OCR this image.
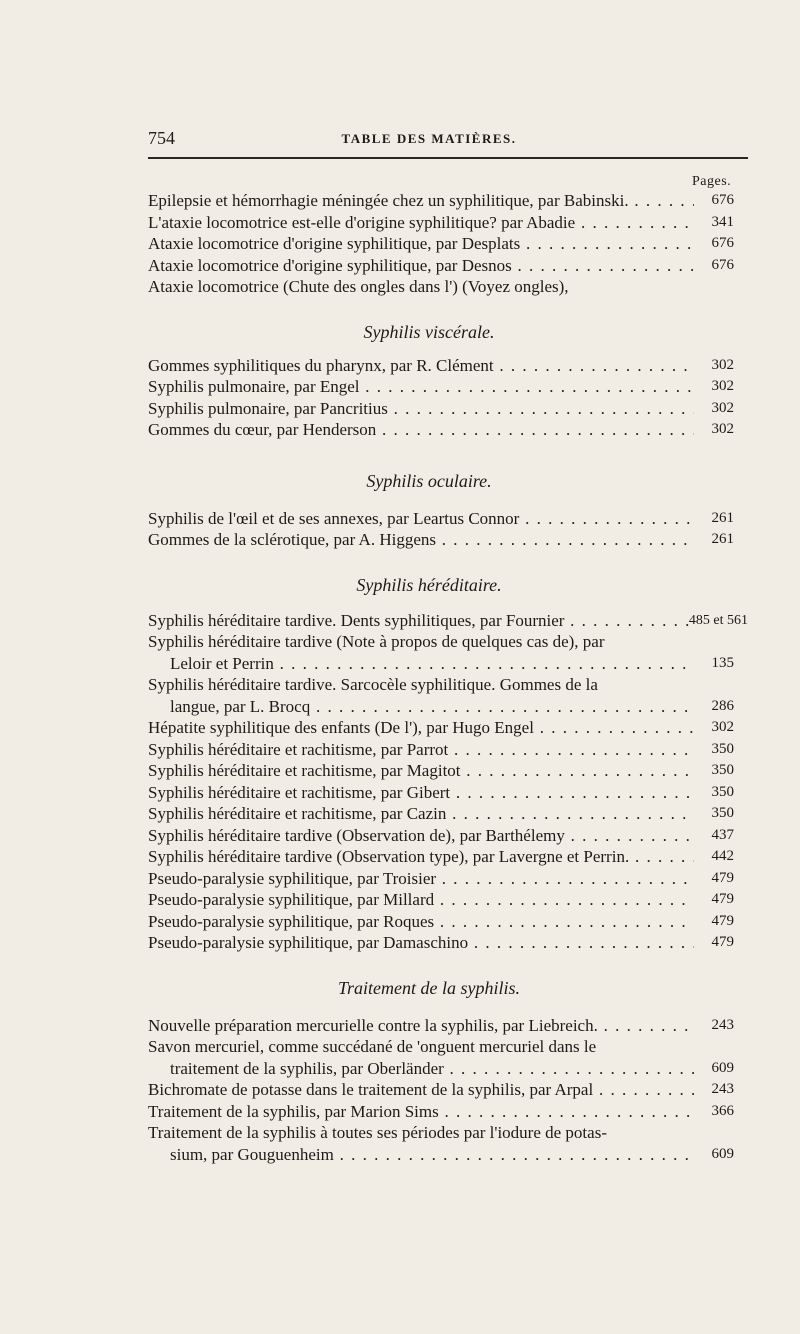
754	TABLE DES MATIÈRES.
Pages.
Epilepsie et hémorrhagie méningée chez un syphilitique, par Babinski. . . .	676
L'ataxie locomotrice est-elle d'origine syphilitique? par Abadie . . .	341
Ataxie locomotrice d'origine syphilitique, par Desplats . . .	676
Ataxie locomotrice d'origine syphilitique, par Desnos . . .	676
Ataxie locomotrice (Chute des ongles dans l') (Voyez ongles),
Syphilis viscérale.
Gommes syphilitiques du pharynx, par R. Clément . . .	302
Syphilis pulmonaire, par Engel . . .	302
Syphilis pulmonaire, par Pancritius . . .	302
Gommes du cœur, par Henderson . . .	302
Syphilis oculaire.
Syphilis de l'œil et de ses annexes, par Leartus Connor . . .	261
Gommes de la sclérotique, par A. Higgens . . .	261
Syphilis héréditaire.
Syphilis héréditaire tardive. Dents syphilitiques, par Fournier . . .	485 et 561
Syphilis héréditaire tardive (Note à propos de quelques cas de), par
Leloir et Perrin . . .	135
Syphilis héréditaire tardive. Sarcocèle syphilitique. Gommes de la
langue, par L. Brocq . . .	286
Hépatite syphilitique des enfants (De l'), par Hugo Engel . . .	302
Syphilis héréditaire et rachitisme, par Parrot . . .	350
Syphilis héréditaire et rachitisme, par Magitot . . .	350
Syphilis héréditaire et rachitisme, par Gibert . . .	350
Syphilis héréditaire et rachitisme, par Cazin . . .	350
Syphilis héréditaire tardive (Observation de), par Barthélemy . . .	437
Syphilis héréditaire tardive (Observation type), par Lavergne et Perrin. . . .	442
Pseudo-paralysie syphilitique, par Troisier . . .	479
Pseudo-paralysie syphilitique, par Millard . . .	479
Pseudo-paralysie syphilitique, par Roques . . .	479
Pseudo-paralysie syphilitique, par Damaschino . . .	479
Traitement de la syphilis.
Nouvelle préparation mercurielle contre la syphilis, par Liebreich. . . .	243
Savon mercuriel, comme succédané de 'onguent mercuriel dans le
traitement de la syphilis, par Oberländer . . .	609
Bichromate de potasse dans le traitement de la syphilis, par Arpal . . .	243
Traitement de la syphilis, par Marion Sims . . .	366
Traitement de la syphilis à toutes ses périodes par l'iodure de potas-
sium, par Gouguenheim . . .	609
